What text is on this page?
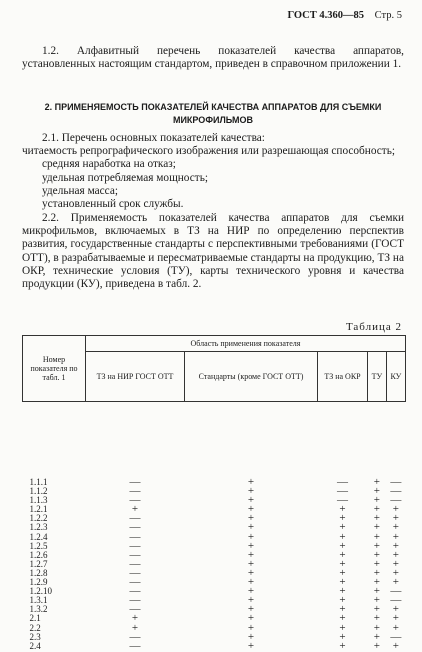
ГОСТ 4.360—85 Стр. 5
1.2. Алфавитный перечень показателей качества аппаратов, установленных настоящим стандартом, приведен в справочном приложении 1.
2. ПРИМЕНЯЕМОСТЬ ПОКАЗАТЕЛЕЙ КАЧЕСТВА АППАРАТОВ ДЛЯ СЪЕМКИ МИКРОФИЛЬМОВ
2.1. Перечень основных показателей качества:
читаемость репрографического изображения или разрешающая способность;
средняя наработка на отказ;
удельная потребляемая мощность;
удельная масса;
установленный срок службы.
2.2. Применяемость показателей качества аппаратов для съемки микрофильмов, включаемых в ТЗ на НИР по определению перспектив развития, государственные стандарты с перспективными требованиями (ГОСТ ОТТ), в разрабатываемые и пересматриваемые стандарты на продукцию, ТЗ на ОКР, технические условия (ТУ), карты технического уровня и качества продукции (КУ), приведена в табл. 2.
Таблица 2
Номер показателя по табл. 1	Область применения показателя				
	ТЗ на НИР ГОСТ ОТТ	Стандарты (кроме ГОСТ ОТТ)	ТЗ на ОКР	ТУ	КУ
1.1.1	—	+	—	+	—
1.1.2	—	+	—	+	—
1.1.3	—	+	—	+	—
1.2.1	+	+	+	+	+
1.2.2	—	+	+	+	+
1.2.3	—	+	+	+	+
1.2.4	—	+	+	+	+
1.2.5	—	+	+	+	+
1.2.6	—	+	+	+	+
1.2.7	—	+	+	+	+
1.2.8	—	+	+	+	+
1.2.9	—	+	+	+	+
1.2.10	—	+	+	+	—
1.3.1	—	+	+	+	—
1.3.2	—	+	+	+	+
2.1	+	+	+	+	+
2.2	+	+	+	+	+
2.3	—	+	+	+	—
2.4	—	+	+	+	+
